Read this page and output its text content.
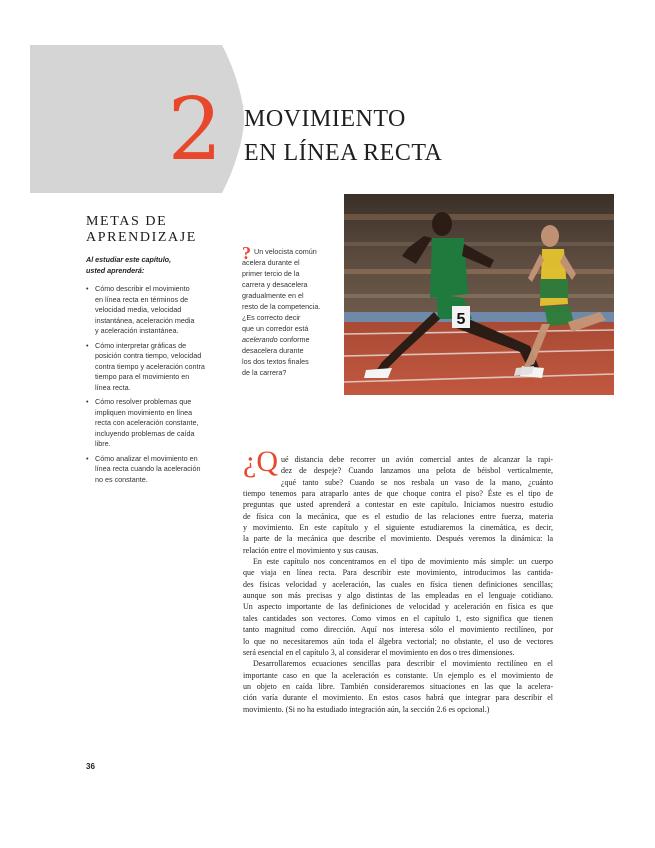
2 MOVIMIENTO
EN LÍNEA RECTA
METAS DE
APRENDIZAJE
Al estudiar este capítulo,
usted aprenderá:
• Cómo describir el movimiento
en línea recta en términos de
velocidad media, velocidad
instantánea, aceleración media
y aceleración instantánea.
• Cómo interpretar gráficas de
posición contra tiempo, velocidad
contra tiempo y aceleración contra
tiempo para el movimiento en
línea recta.
• Cómo resolver problemas que
impliquen movimiento en línea
recta con aceleración constante,
incluyendo problemas de caída
libre.
• Cómo analizar el movimiento en
línea recta cuando la aceleración
no es constante.
? Un velocista común
acelera durante el
primer tercio de la
carrera y desacelera
gradualmente en el
resto de la competencia.
¿Es correcto decir
que un corredor está
acelerando conforme
desacelera durante
los dos textos finales
de la carrera?
5
¿Q ué distancia debe recorrer un avión comercial antes de alcanzar la rapi-
dez de despeje? Cuando lanzamos una pelota de béisbol verticalmente,
¿qué tanto sube? Cuando se nos resbala un vaso de la mano, ¿cuánto
tiempo tenemos para atraparlo antes de que choque contra el piso? Éste es el tipo de
preguntas que usted aprenderá a contestar en este capítulo. Iniciamos nuestro estudio
de física con la mecánica, que es el estudio de las relaciones entre fuerza, materia
y movimiento. En este capítulo y el siguiente estudiaremos la cinemática, es decir,
la parte de la mecánica que describe el movimiento. Después veremos la dinámica: la
relación entre el movimiento y sus causas.
En este capítulo nos concentramos en el tipo de movimiento más simple: un cuerpo
que viaja en línea recta. Para describir este movimiento, introducimos las cantida-
des físicas velocidad y aceleración, las cuales en física tienen definiciones sencillas;
aunque son más precisas y algo distintas de las empleadas en el lenguaje cotidiano.
Un aspecto importante de las definiciones de velocidad y aceleración en física es que
tales cantidades son vectores. Como vimos en el capítulo 1, esto significa que tienen
tanto magnitud como dirección. Aquí nos interesa sólo el movimiento rectilíneo, por
lo que no necesitaremos aún toda el álgebra vectorial; no obstante, el uso de vectores
será esencial en el capítulo 3, al considerar el movimiento en dos o tres dimensiones.
Desarrollaremos ecuaciones sencillas para describir el movimiento rectilíneo en el
importante caso en que la aceleración es constante. Un ejemplo es el movimiento de
un objeto en caída libre. También consideraremos situaciones en las que la acelera-
ción varía durante el movimiento. En estos casos habrá que integrar para describir el
movimiento. (Si no ha estudiado integración aún, la sección 2.6 es opcional.)
36
